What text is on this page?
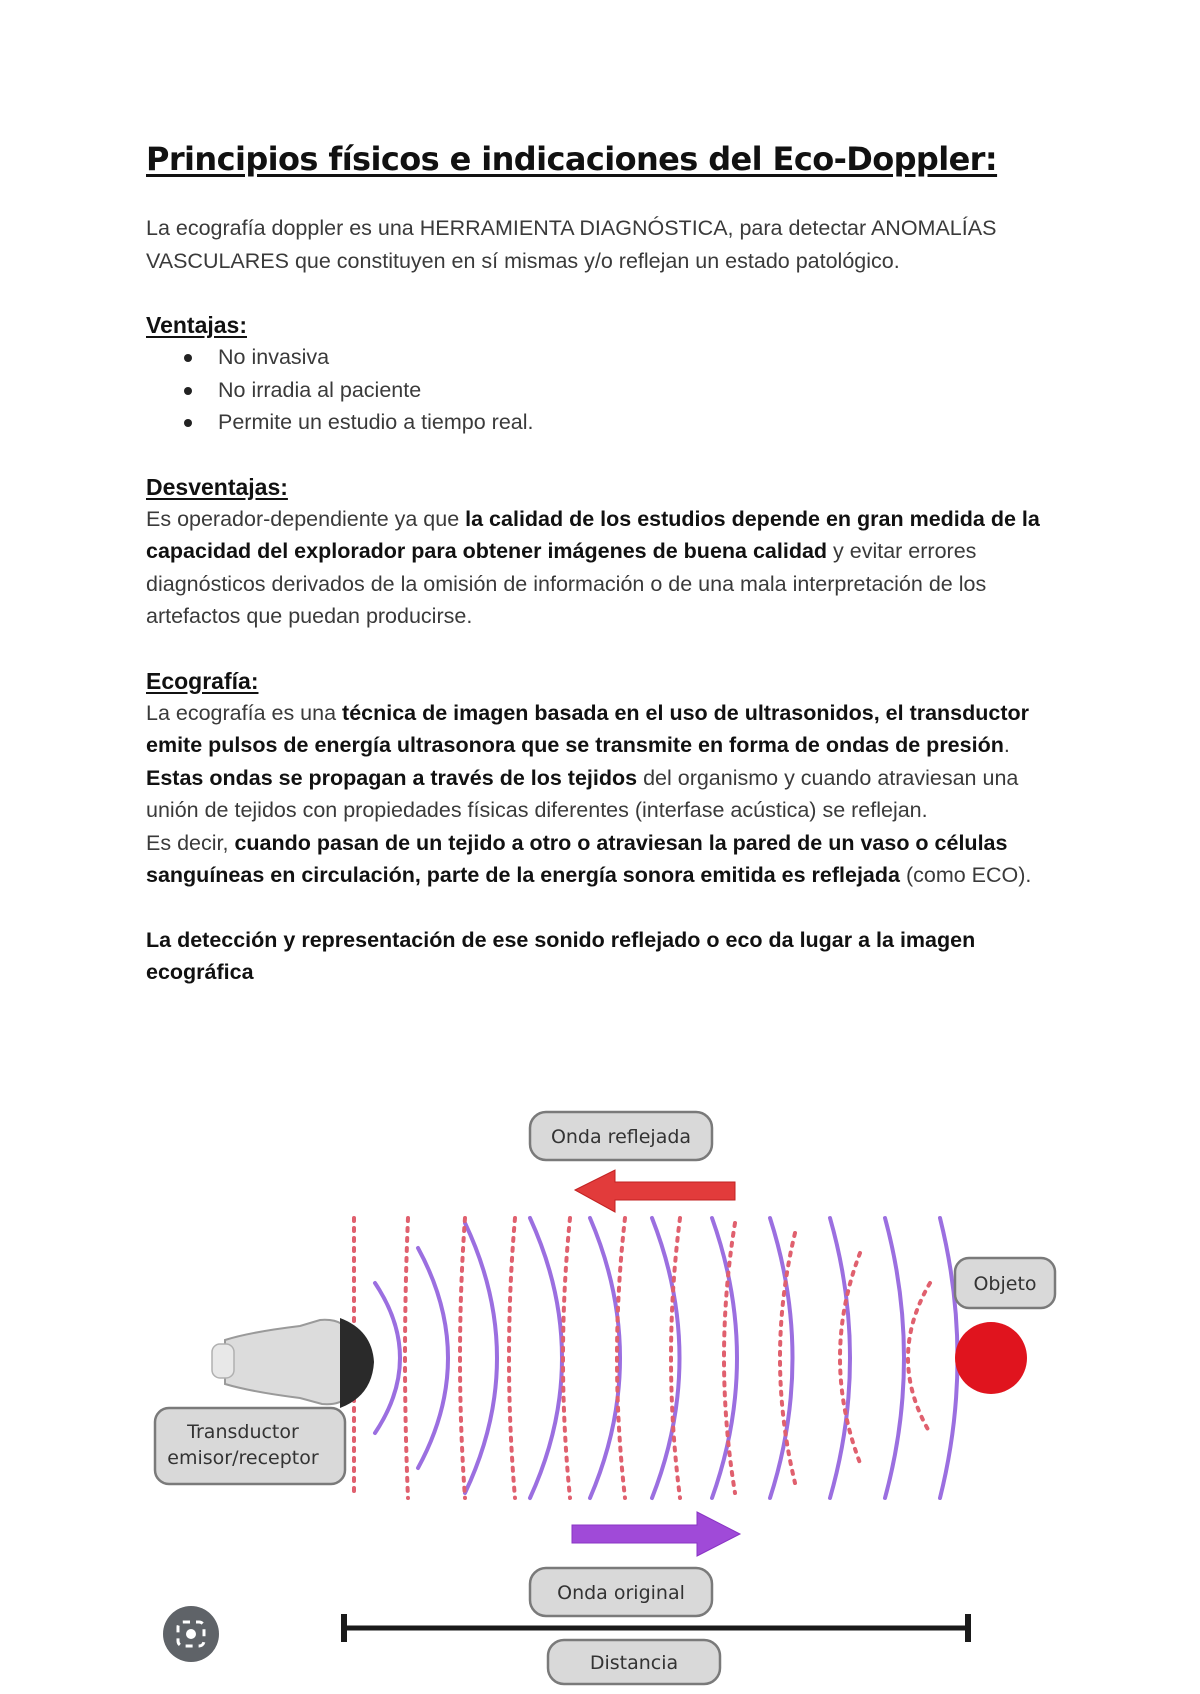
Principios físicos e indicaciones del Eco-Doppler:

La ecografía doppler es una HERRAMIENTA DIAGNÓSTICA, para detectar ANOMALÍAS VASCULARES que constituyen en sí mismas y/o reflejan un estado patológico.

Ventajas:
No invasiva
No irradia al paciente
Permite un estudio a tiempo real.
Desventajas:

Es operador-dependiente ya que la calidad de los estudios depende en gran medida de la capacidad del explorador para obtener imágenes de buena calidad y evitar errores diagnósticos derivados de la omisión de información o de una mala interpretación de los artefactos que puedan producirse.

Ecografía:

La ecografía es una técnica de imagen basada en el uso de ultrasonidos, el transductor emite pulsos de energía ultrasonora que se transmite en forma de ondas de presión.

Estas ondas se propagan a través de los tejidos del organismo y cuando atraviesan una unión de tejidos con propiedades físicas diferentes (interfase acústica) se reflejan.

Es decir, cuando pasan de un tejido a otro o atraviesan la pared de un vaso o células sanguíneas en circulación, parte de la energía sonora emitida es reflejada (como ECO).

La detección y representación de ese sonido reflejado o eco da lugar a la imagen ecográfica

Onda reflejada
Objeto
Transductor
emisor/receptor
Onda original
Distancia
